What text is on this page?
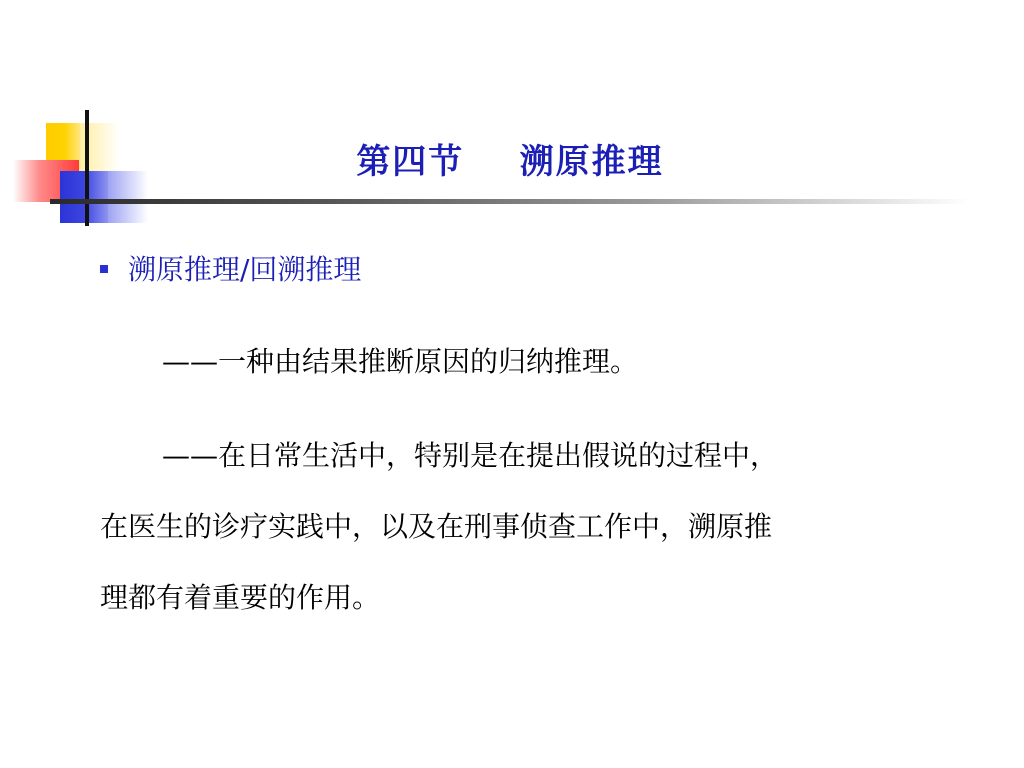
第四节    溯原推理
溯原推理/回溯推理
——一种由结果推断原因的归纳推理。
——在日常生活中，特别是在提出假说的过程中，
在医生的诊疗实践中，以及在刑事侦查工作中，溯原推
理都有着重要的作用。
